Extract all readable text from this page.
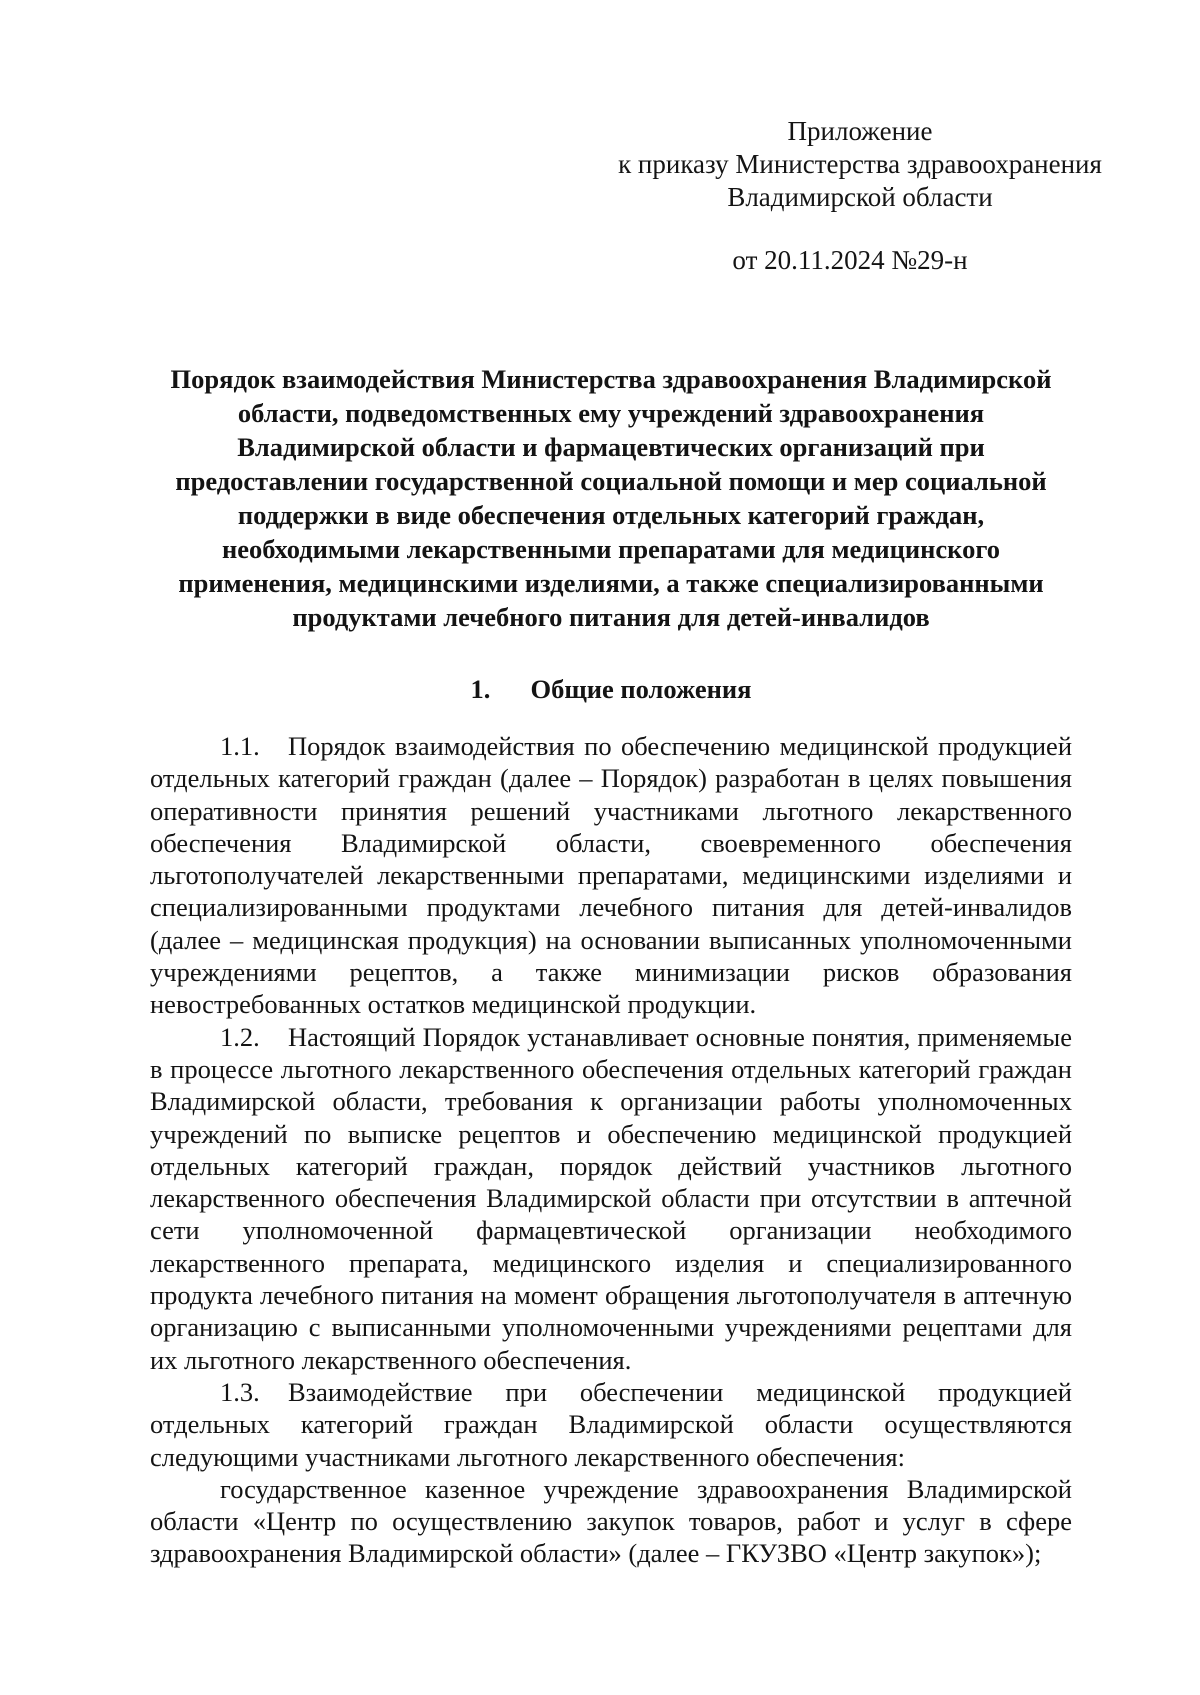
Приложение
к приказу Министерства здравоохранения
Владимирской области
от 20.11.2024 №29-н
Порядок взаимодействия Министерства здравоохранения Владимирской области, подведомственных ему учреждений здравоохранения Владимирской области и фармацевтических организаций при предоставлении государственной социальной помощи и мер социальной поддержки в виде обеспечения отдельных категорий граждан, необходимыми лекарственными препаратами для медицинского применения, медицинскими изделиями, а также специализированными продуктами лечебного питания для детей-инвалидов
1. Общие положения

1.1. Порядок взаимодействия по обеспечению медицинской продукцией отдельных категорий граждан (далее – Порядок) разработан в целях повышения оперативности принятия решений участниками льготного лекарственного обеспечения Владимирской области, своевременного обеспечения льготополучателей лекарственными препаратами, медицинскими изделиями и специализированными продуктами лечебного питания для детей-инвалидов (далее – медицинская продукция) на основании выписанных уполномоченными учреждениями рецептов, а также минимизации рисков образования невостребованных остатков медицинской продукции.

1.2. Настоящий Порядок устанавливает основные понятия, применяемые в процессе льготного лекарственного обеспечения отдельных категорий граждан Владимирской области, требования к организации работы уполномоченных учреждений по выписке рецептов и обеспечению медицинской продукцией отдельных категорий граждан, порядок действий участников льготного лекарственного обеспечения Владимирской области при отсутствии в аптечной сети уполномоченной фармацевтической организации необходимого лекарственного препарата, медицинского изделия и специализированного продукта лечебного питания на момент обращения льготополучателя в аптечную организацию с выписанными уполномоченными учреждениями рецептами для их льготного лекарственного обеспечения.

1.3. Взаимодействие при обеспечении медицинской продукцией отдельных категорий граждан Владимирской области осуществляются следующими участниками льготного лекарственного обеспечения:

государственное казенное учреждение здравоохранения Владимирской области «Центр по осуществлению закупок товаров, работ и услуг в сфере здравоохранения Владимирской области» (далее – ГКУЗВО «Центр закупок»);
